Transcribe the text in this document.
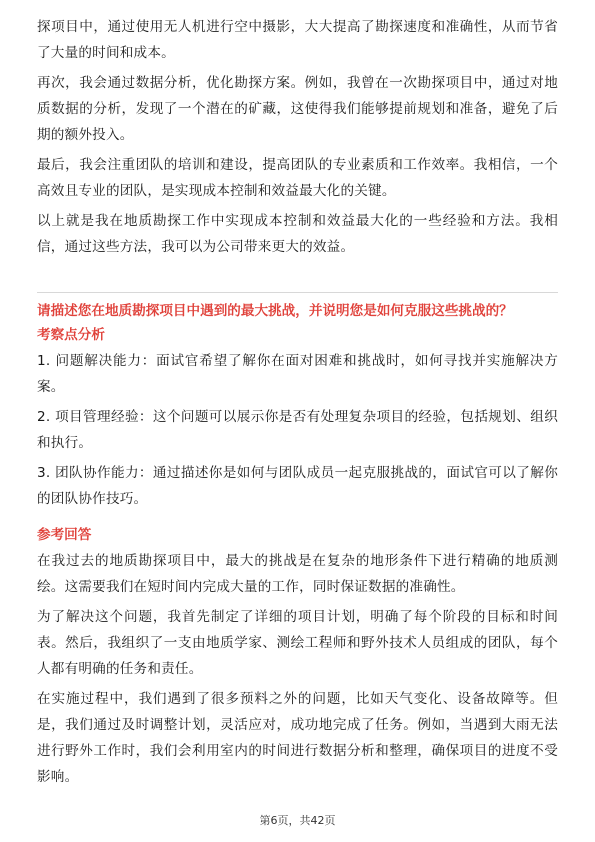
探项目中，通过使用无人机进行空中摄影，大大提高了勘探速度和准确性，从而节省了大量的时间和成本。

再次，我会通过数据分析，优化勘探方案。例如，我曾在一次勘探项目中，通过对地质数据的分析，发现了一个潜在的矿藏，这使得我们能够提前规划和准备，避免了后期的额外投入。

最后，我会注重团队的培训和建设，提高团队的专业素质和工作效率。我相信，一个高效且专业的团队，是实现成本控制和效益最大化的关键。

以上就是我在地质勘探工作中实现成本控制和效益最大化的一些经验和方法。我相信，通过这些方法，我可以为公司带来更大的效益。

请描述您在地质勘探项目中遇到的最大挑战，并说明您是如何克服这些挑战的？
考察点分析

1. 问题解决能力：面试官希望了解你在面对困难和挑战时，如何寻找并实施解决方案。

2. 项目管理经验：这个问题可以展示你是否有处理复杂项目的经验，包括规划、组织和执行。

3. 团队协作能力：通过描述你是如何与团队成员一起克服挑战的，面试官可以了解你的团队协作技巧。

参考回答

在我过去的地质勘探项目中，最大的挑战是在复杂的地形条件下进行精确的地质测绘。这需要我们在短时间内完成大量的工作，同时保证数据的准确性。

为了解决这个问题，我首先制定了详细的项目计划，明确了每个阶段的目标和时间表。然后，我组织了一支由地质学家、测绘工程师和野外技术人员组成的团队，每个人都有明确的任务和责任。

在实施过程中，我们遇到了很多预料之外的问题，比如天气变化、设备故障等。但是，我们通过及时调整计划，灵活应对，成功地完成了任务。例如，当遇到大雨无法进行野外工作时，我们会利用室内的时间进行数据分析和整理，确保项目的进度不受影响。

第6页，共42页
